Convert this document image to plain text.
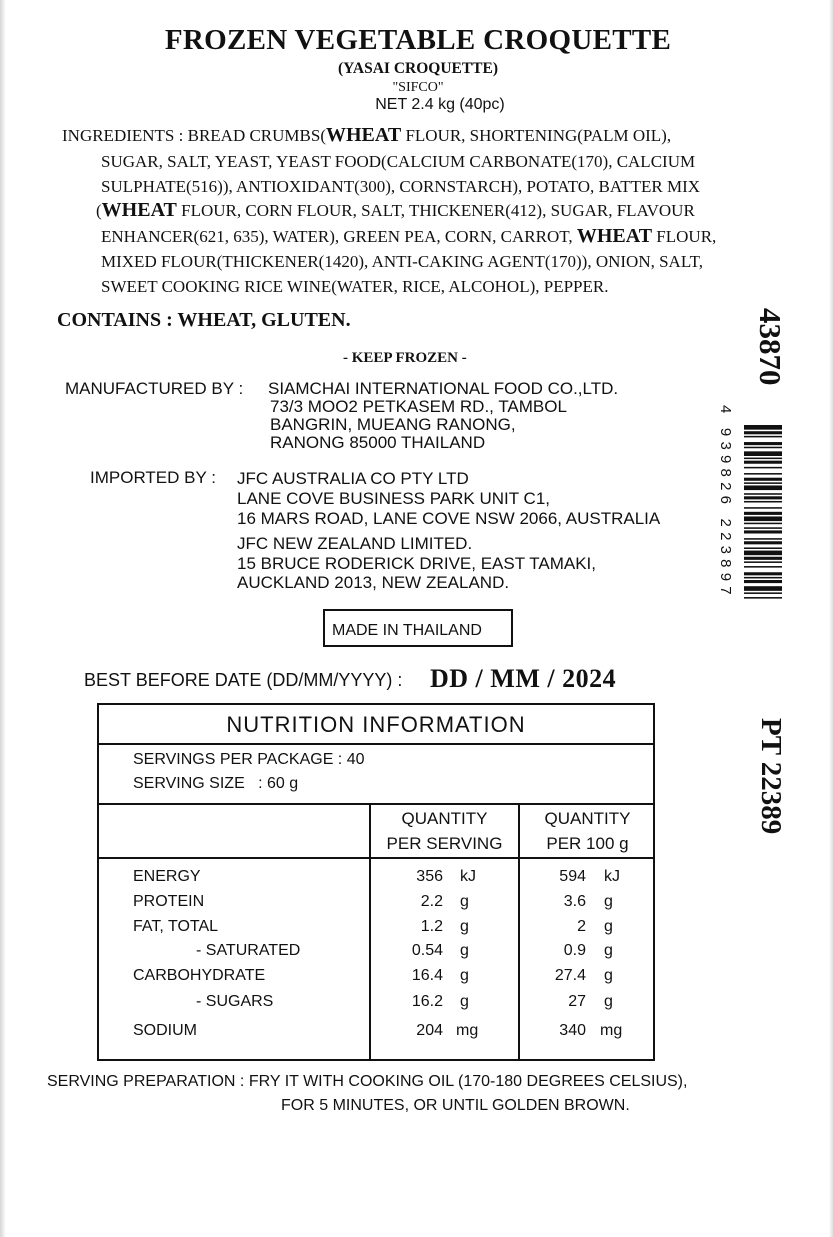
FROZEN VEGETABLE CROQUETTE
(YASAI CROQUETTE)
"SIFCO"
NET 2.4 kg (40pc)
INGREDIENTS : BREAD CRUMBS(WHEAT FLOUR, SHORTENING(PALM OIL),
SUGAR, SALT, YEAST, YEAST FOOD(CALCIUM CARBONATE(170), CALCIUM
SULPHATE(516)), ANTIOXIDANT(300), CORNSTARCH), POTATO, BATTER MIX
(WHEAT FLOUR, CORN FLOUR, SALT, THICKENER(412), SUGAR, FLAVOUR
ENHANCER(621, 635), WATER), GREEN PEA, CORN, CARROT, WHEAT FLOUR,
MIXED FLOUR(THICKENER(1420), ANTI-CAKING AGENT(170)), ONION, SALT,
SWEET COOKING RICE WINE(WATER, RICE, ALCOHOL), PEPPER.
CONTAINS : WHEAT, GLUTEN.
- KEEP FROZEN -
MANUFACTURED BY : SIAMCHAI INTERNATIONAL FOOD CO.,LTD.
73/3 MOO2 PETKASEM RD., TAMBOL
BANGRIN, MUEANG RANONG,
RANONG 85000 THAILAND
IMPORTED BY : JFC AUSTRALIA CO PTY LTD
LANE COVE BUSINESS PARK UNIT C1,
16 MARS ROAD, LANE COVE NSW 2066, AUSTRALIA
JFC NEW ZEALAND LIMITED.
15 BRUCE RODERICK DRIVE, EAST TAMAKI,
AUCKLAND 2013, NEW ZEALAND.
MADE IN THAILAND
BEST BEFORE DATE (DD/MM/YYYY) : DD / MM / 2024
NUTRITION INFORMATION
SERVINGS PER PACKAGE : 40
SERVING SIZE   : 60 g
QUANTITY
PER SERVING
QUANTITY
PER 100 g
ENERGY	356 kJ	594 kJ
PROTEIN	2.2 g	3.6 g
FAT, TOTAL	1.2 g	2 g
- SATURATED	0.54 g	0.9 g
CARBOHYDRATE	16.4 g	27.4 g
- SUGARS	16.2 g	27 g
SODIUM	204 mg	340 mg
SERVING PREPARATION : FRY IT WITH COOKING OIL (170-180 DEGREES CELSIUS),
FOR 5 MINUTES, OR UNTIL GOLDEN BROWN.
43870
4 939826 223897
PT 22389
